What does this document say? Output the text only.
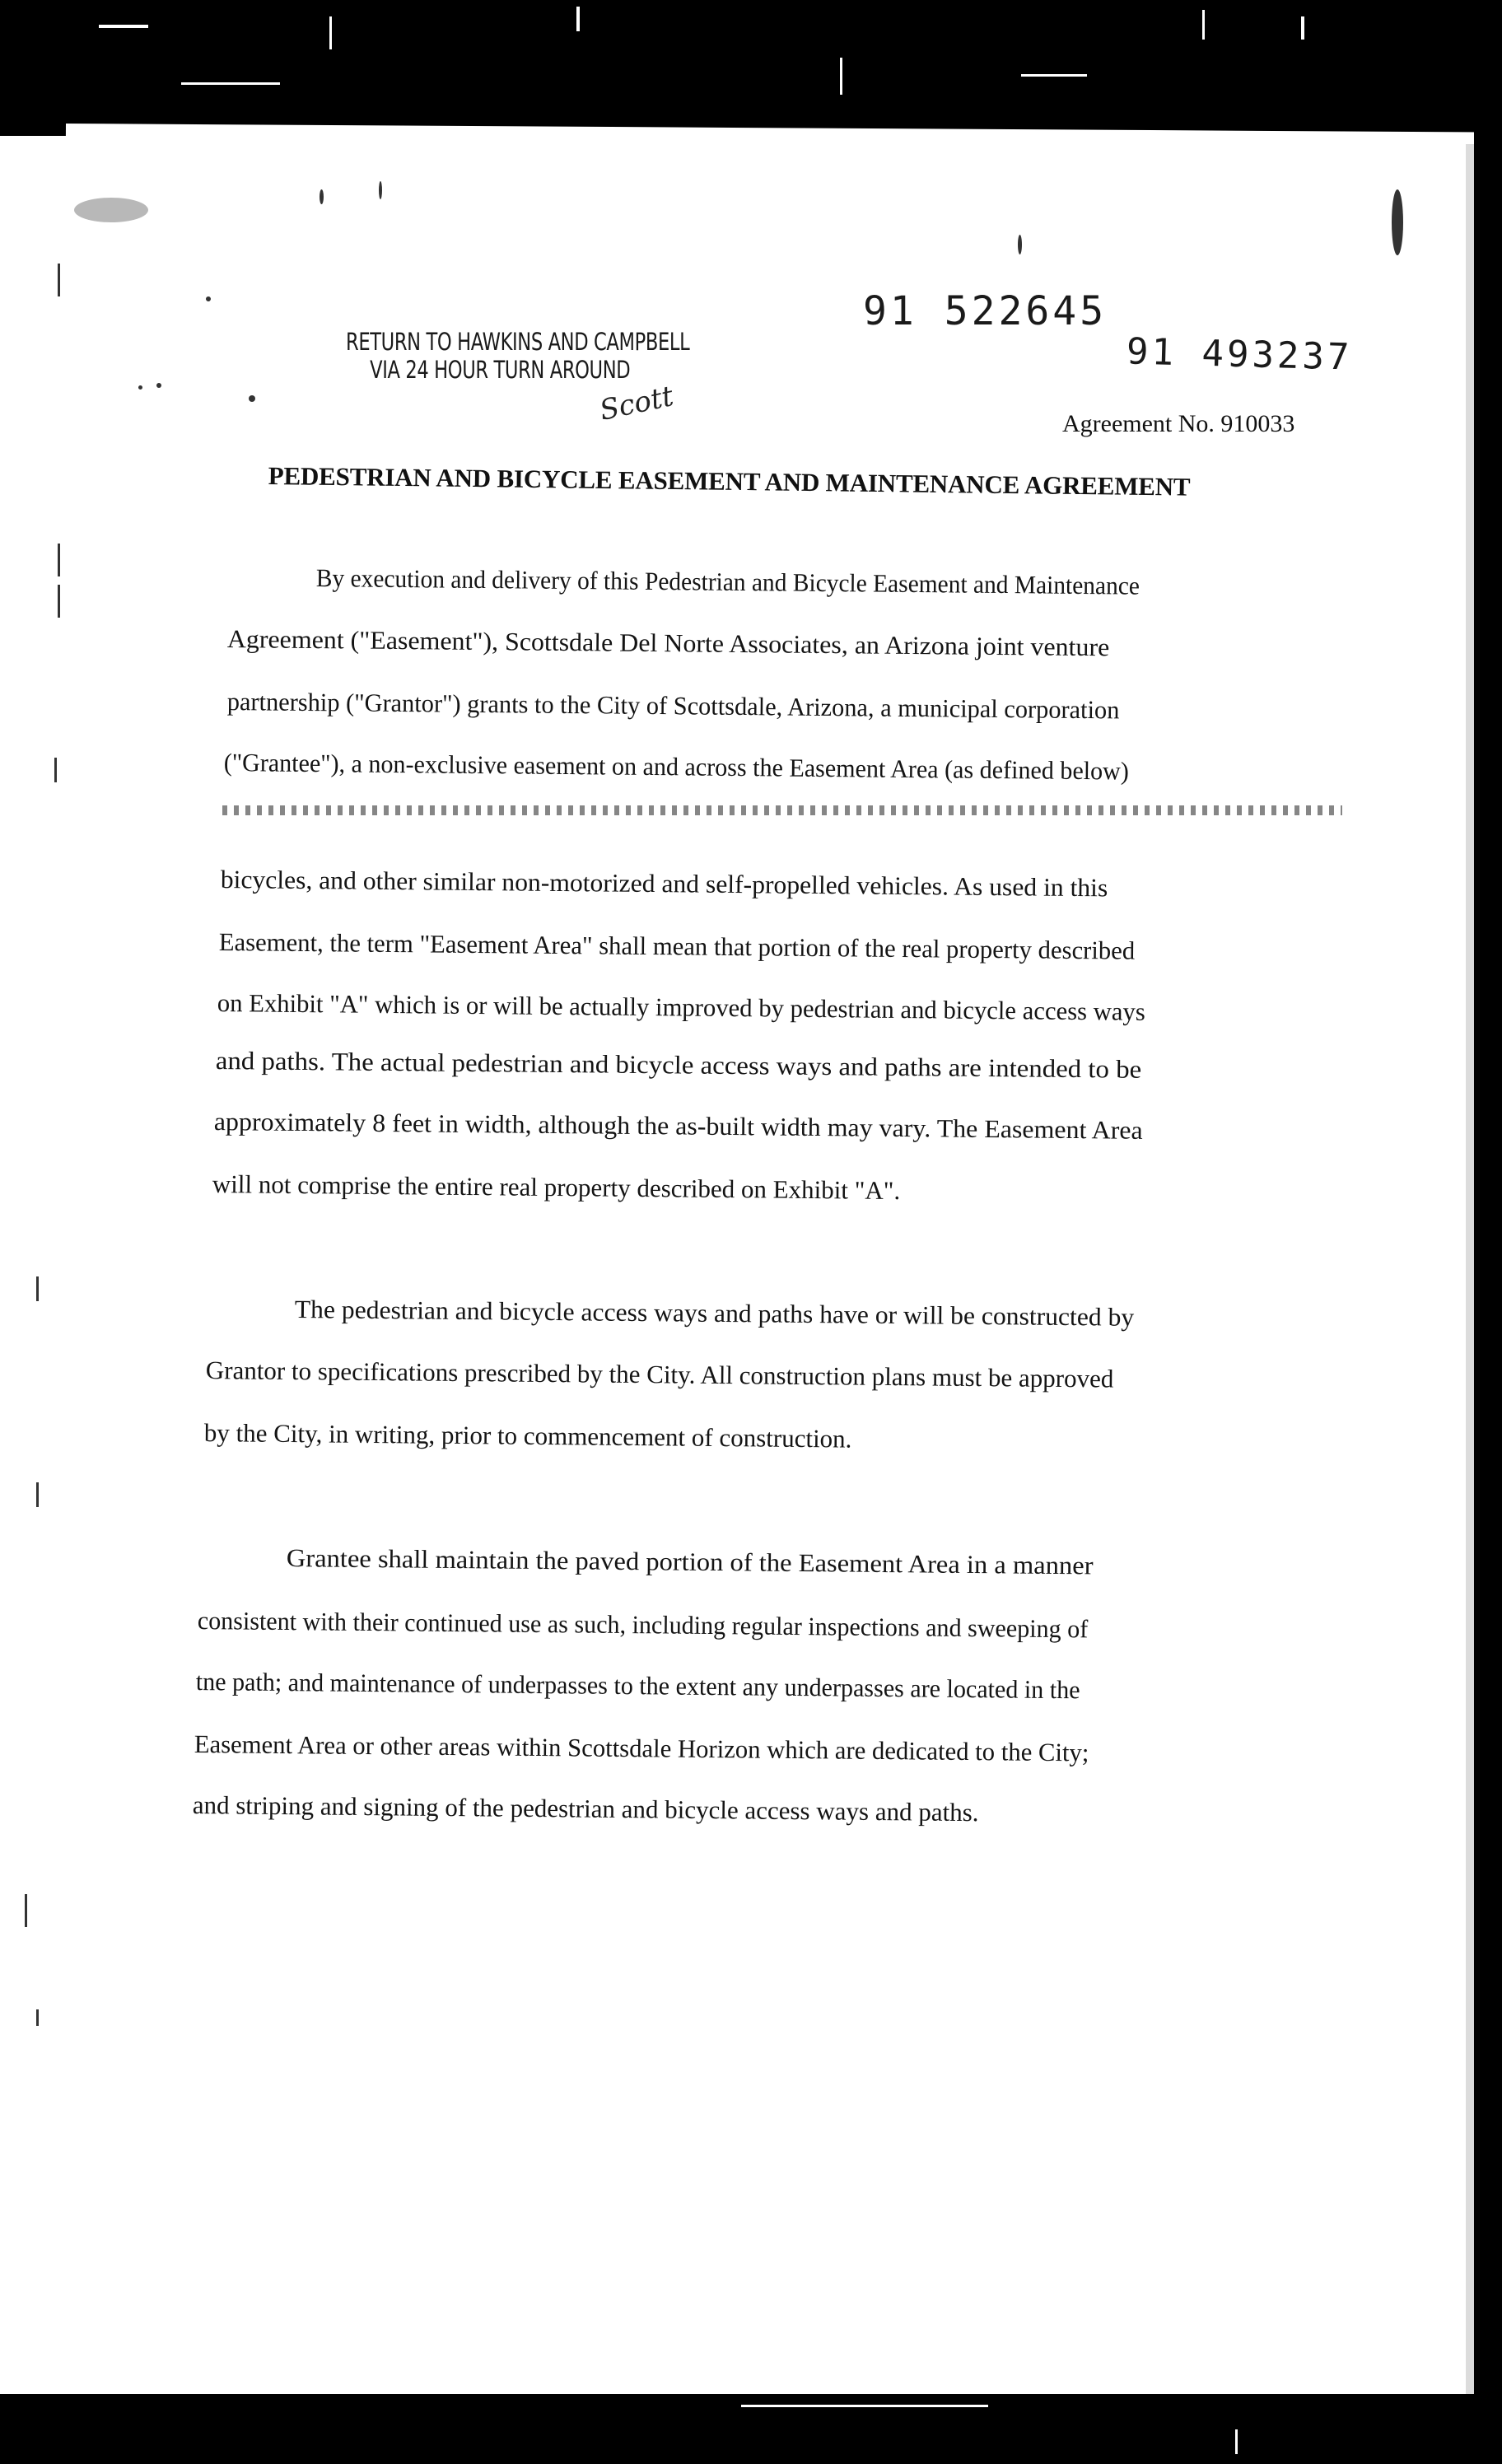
RETURN TO HAWKINS AND CAMPBELL
VIA 24 HOUR TURN AROUND
Scott
91 522645
91 493237
Agreement No. 910033
PEDESTRIAN AND BICYCLE EASEMENT AND MAINTENANCE AGREEMENT
By execution and delivery of this Pedestrian and Bicycle Easement and Maintenance
Agreement ("Easement"), Scottsdale Del Norte Associates, an Arizona joint venture
partnership ("Grantor") grants to the City of Scottsdale, Arizona, a municipal corporation
("Grantee"), a non-exclusive easement on and across the Easement Area (as defined below)
bicycles, and other similar non-motorized and self-propelled vehicles. As used in this
Easement, the term "Easement Area" shall mean that portion of the real property described
on Exhibit "A" which is or will be actually improved by pedestrian and bicycle access ways
and paths. The actual pedestrian and bicycle access ways and paths are intended to be
approximately 8 feet in width, although the as-built width may vary. The Easement Area
will not comprise the entire real property described on Exhibit "A".
The pedestrian and bicycle access ways and paths have or will be constructed by
Grantor to specifications prescribed by the City. All construction plans must be approved
by the City, in writing, prior to commencement of construction.
Grantee shall maintain the paved portion of the Easement Area in a manner
consistent with their continued use as such, including regular inspections and sweeping of
tne path; and maintenance of underpasses to the extent any underpasses are located in the
Easement Area or other areas within Scottsdale Horizon which are dedicated to the City;
and striping and signing of the pedestrian and bicycle access ways and paths.
